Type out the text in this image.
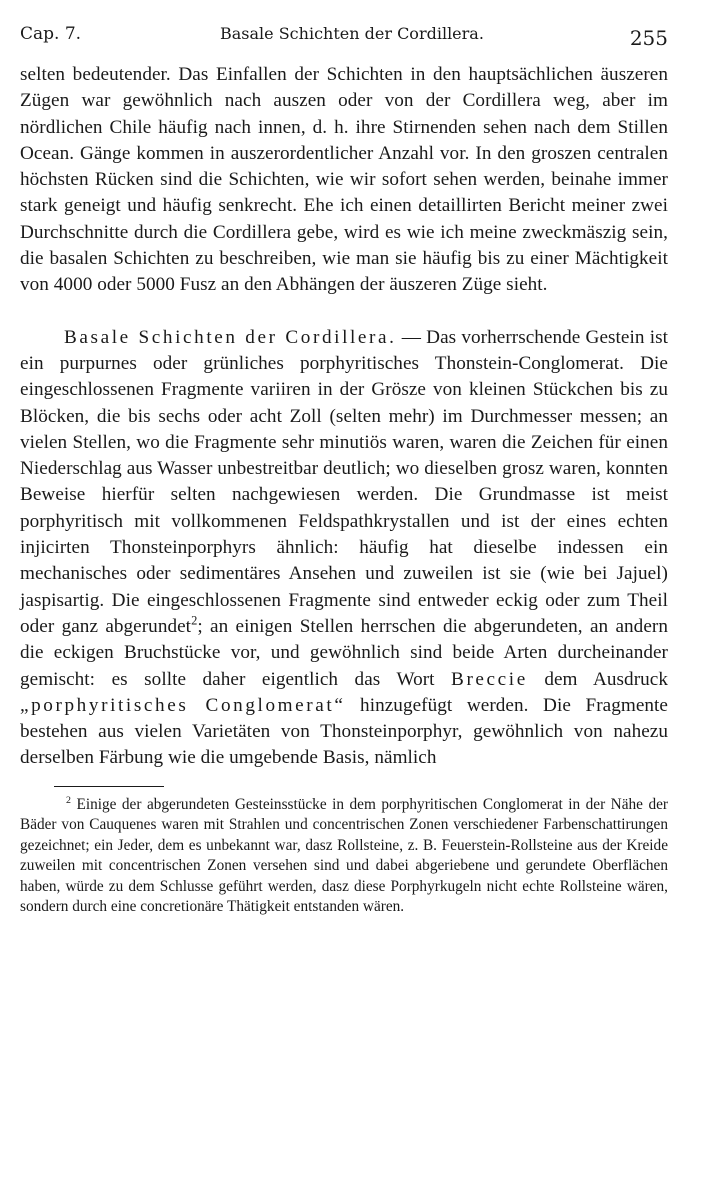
Cap. 7.	Basale Schichten der Cordillera.	255

selten bedeutender. Das Einfallen der Schichten in den hauptsächlichen äuszeren Zügen war gewöhnlich nach auszen oder von der Cordillera weg, aber im nördlichen Chile häufig nach innen, d. h. ihre Stirnenden sehen nach dem Stillen Ocean. Gänge kommen in auszerordentlicher Anzahl vor. In den groszen centralen höchsten Rücken sind die Schichten, wie wir sofort sehen werden, beinahe immer stark geneigt und häufig senkrecht. Ehe ich einen detaillirten Bericht meiner zwei Durchschnitte durch die Cordillera gebe, wird es wie ich meine zweckmäszig sein, die basalen Schichten zu beschreiben, wie man sie häufig bis zu einer Mächtigkeit von 4000 oder 5000 Fusz an den Abhängen der äuszeren Züge sieht.

Basale Schichten der Cordillera. — Das vorherrschende Gestein ist ein purpurnes oder grünliches porphyritisches Thonstein-Conglomerat. Die eingeschlossenen Fragmente variiren in der Grösze von kleinen Stückchen bis zu Blöcken, die bis sechs oder acht Zoll (selten mehr) im Durchmesser messen; an vielen Stellen, wo die Fragmente sehr minutiös waren, waren die Zeichen für einen Niederschlag aus Wasser unbestreitbar deutlich; wo dieselben grosz waren, konnten Beweise hierfür selten nachgewiesen werden. Die Grundmasse ist meist porphyritisch mit vollkommenen Feldspathkrystallen und ist der eines echten injicirten Thonsteinporphyrs ähnlich: häufig hat dieselbe indessen ein mechanisches oder sedimentäres Ansehen und zuweilen ist sie (wie bei Jajuel) jaspisartig. Die eingeschlossenen Fragmente sind entweder eckig oder zum Theil oder ganz abgerundet$^2$; an einigen Stellen herrschen die abgerundeten, an andern die eckigen Bruchstücke vor, und gewöhnlich sind beide Arten durcheinander gemischt: es sollte daher eigentlich das Wort Breccie dem Ausdruck „porphyritisches Conglomerat“ hinzugefügt werden. Die Fragmente bestehen aus vielen Varietäten von Thonsteinporphyr, gewöhnlich von nahezu derselben Färbung wie die umgebende Basis, nämlich

$^2$ Einige der abgerundeten Gesteinsstücke in dem porphyritischen Conglomerat in der Nähe der Bäder von Cauquenes waren mit Strahlen und concentrischen Zonen verschiedener Farbenschattirungen gezeichnet; ein Jeder, dem es unbekannt war, dasz Rollsteine, z. B. Feuerstein-Rollsteine aus der Kreide zuweilen mit concentrischen Zonen versehen sind und dabei abgeriebene und gerundete Oberflächen haben, würde zu dem Schlusse geführt werden, dasz diese Porphyrkugeln nicht echte Rollsteine wären, sondern durch eine concretionäre Thätigkeit entstanden wären.
